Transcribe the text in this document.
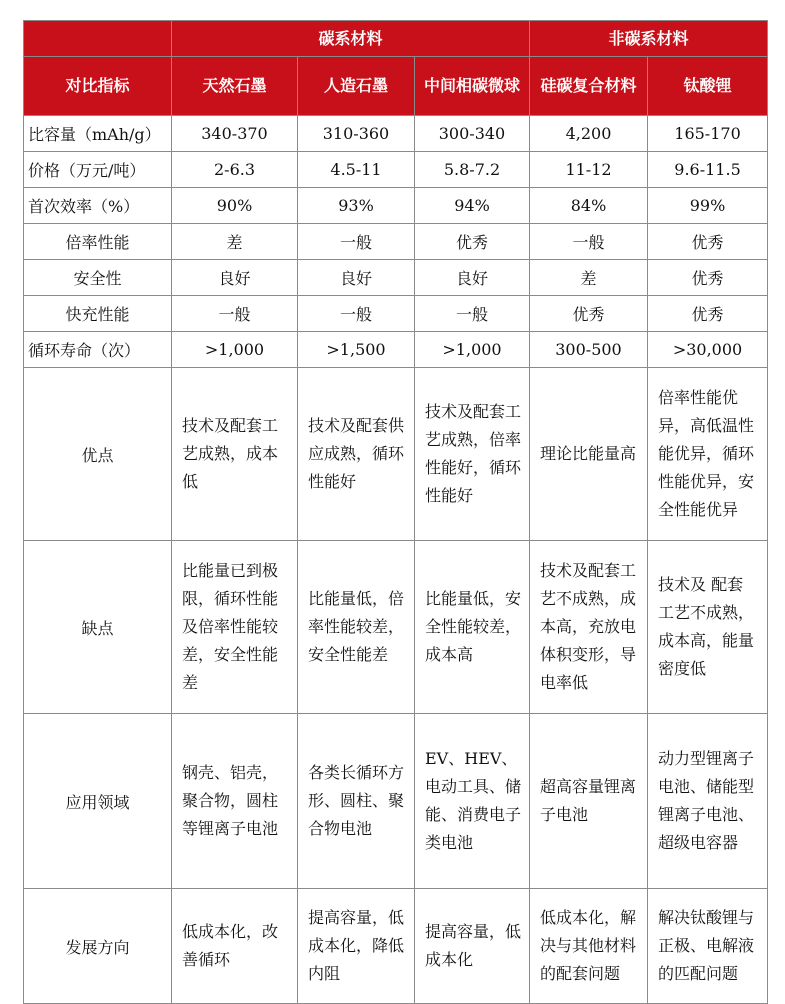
	碳系材料			非碳系材料	
对比指标	天然石墨	人造石墨	中间相碳微球	硅碳复合材料	钛酸锂
比容量（mAh/g）	340-370	310-360	300-340	4,200	165-170
价格（万元/吨）	2-6.3	4.5-11	5.8-7.2	11-12	9.6-11.5
首次效率（%）	90%	93%	94%	84%	99%
倍率性能	差	一般	优秀	一般	优秀
安全性	良好	良好	良好	差	优秀
快充性能	一般	一般	一般	优秀	优秀
循环寿命（次）	>1,000	>1,500	>1,000	300-500	>30,000
优点	技术及配套工艺成熟，成本低	技术及配套供应成熟，循环性能好	技术及配套工艺成熟，倍率性能好，循环性能好	理论比能量高	倍率性能优异，高低温性能优异，循环性能优异，安全性能优异
缺点	比能量已到极限，循环性能及倍率性能较差，安全性能差	比能量低，倍率性能较差，安全性能差	比能量低，安全性能较差，成本高	技术及配套工艺不成熟，成本高，充放电体积变形，导电率低	技术及 配套工艺不成熟，成本高，能量密度低
应用领域	钢壳、铝壳，聚合物，圆柱等锂离子电池	各类长循环方形、圆柱、聚合物电池	EV、HEV、电动工具、储能、消费电子类电池	超高容量锂离子电池	动力型锂离子电池、储能型锂离子电池、超级电容器
发展方向	低成本化，改善循环	提高容量，低成本化，降低内阻	提高容量，低成本化	低成本化，解决与其他材料的配套问题	解决钛酸锂与正极、电解液的匹配问题
